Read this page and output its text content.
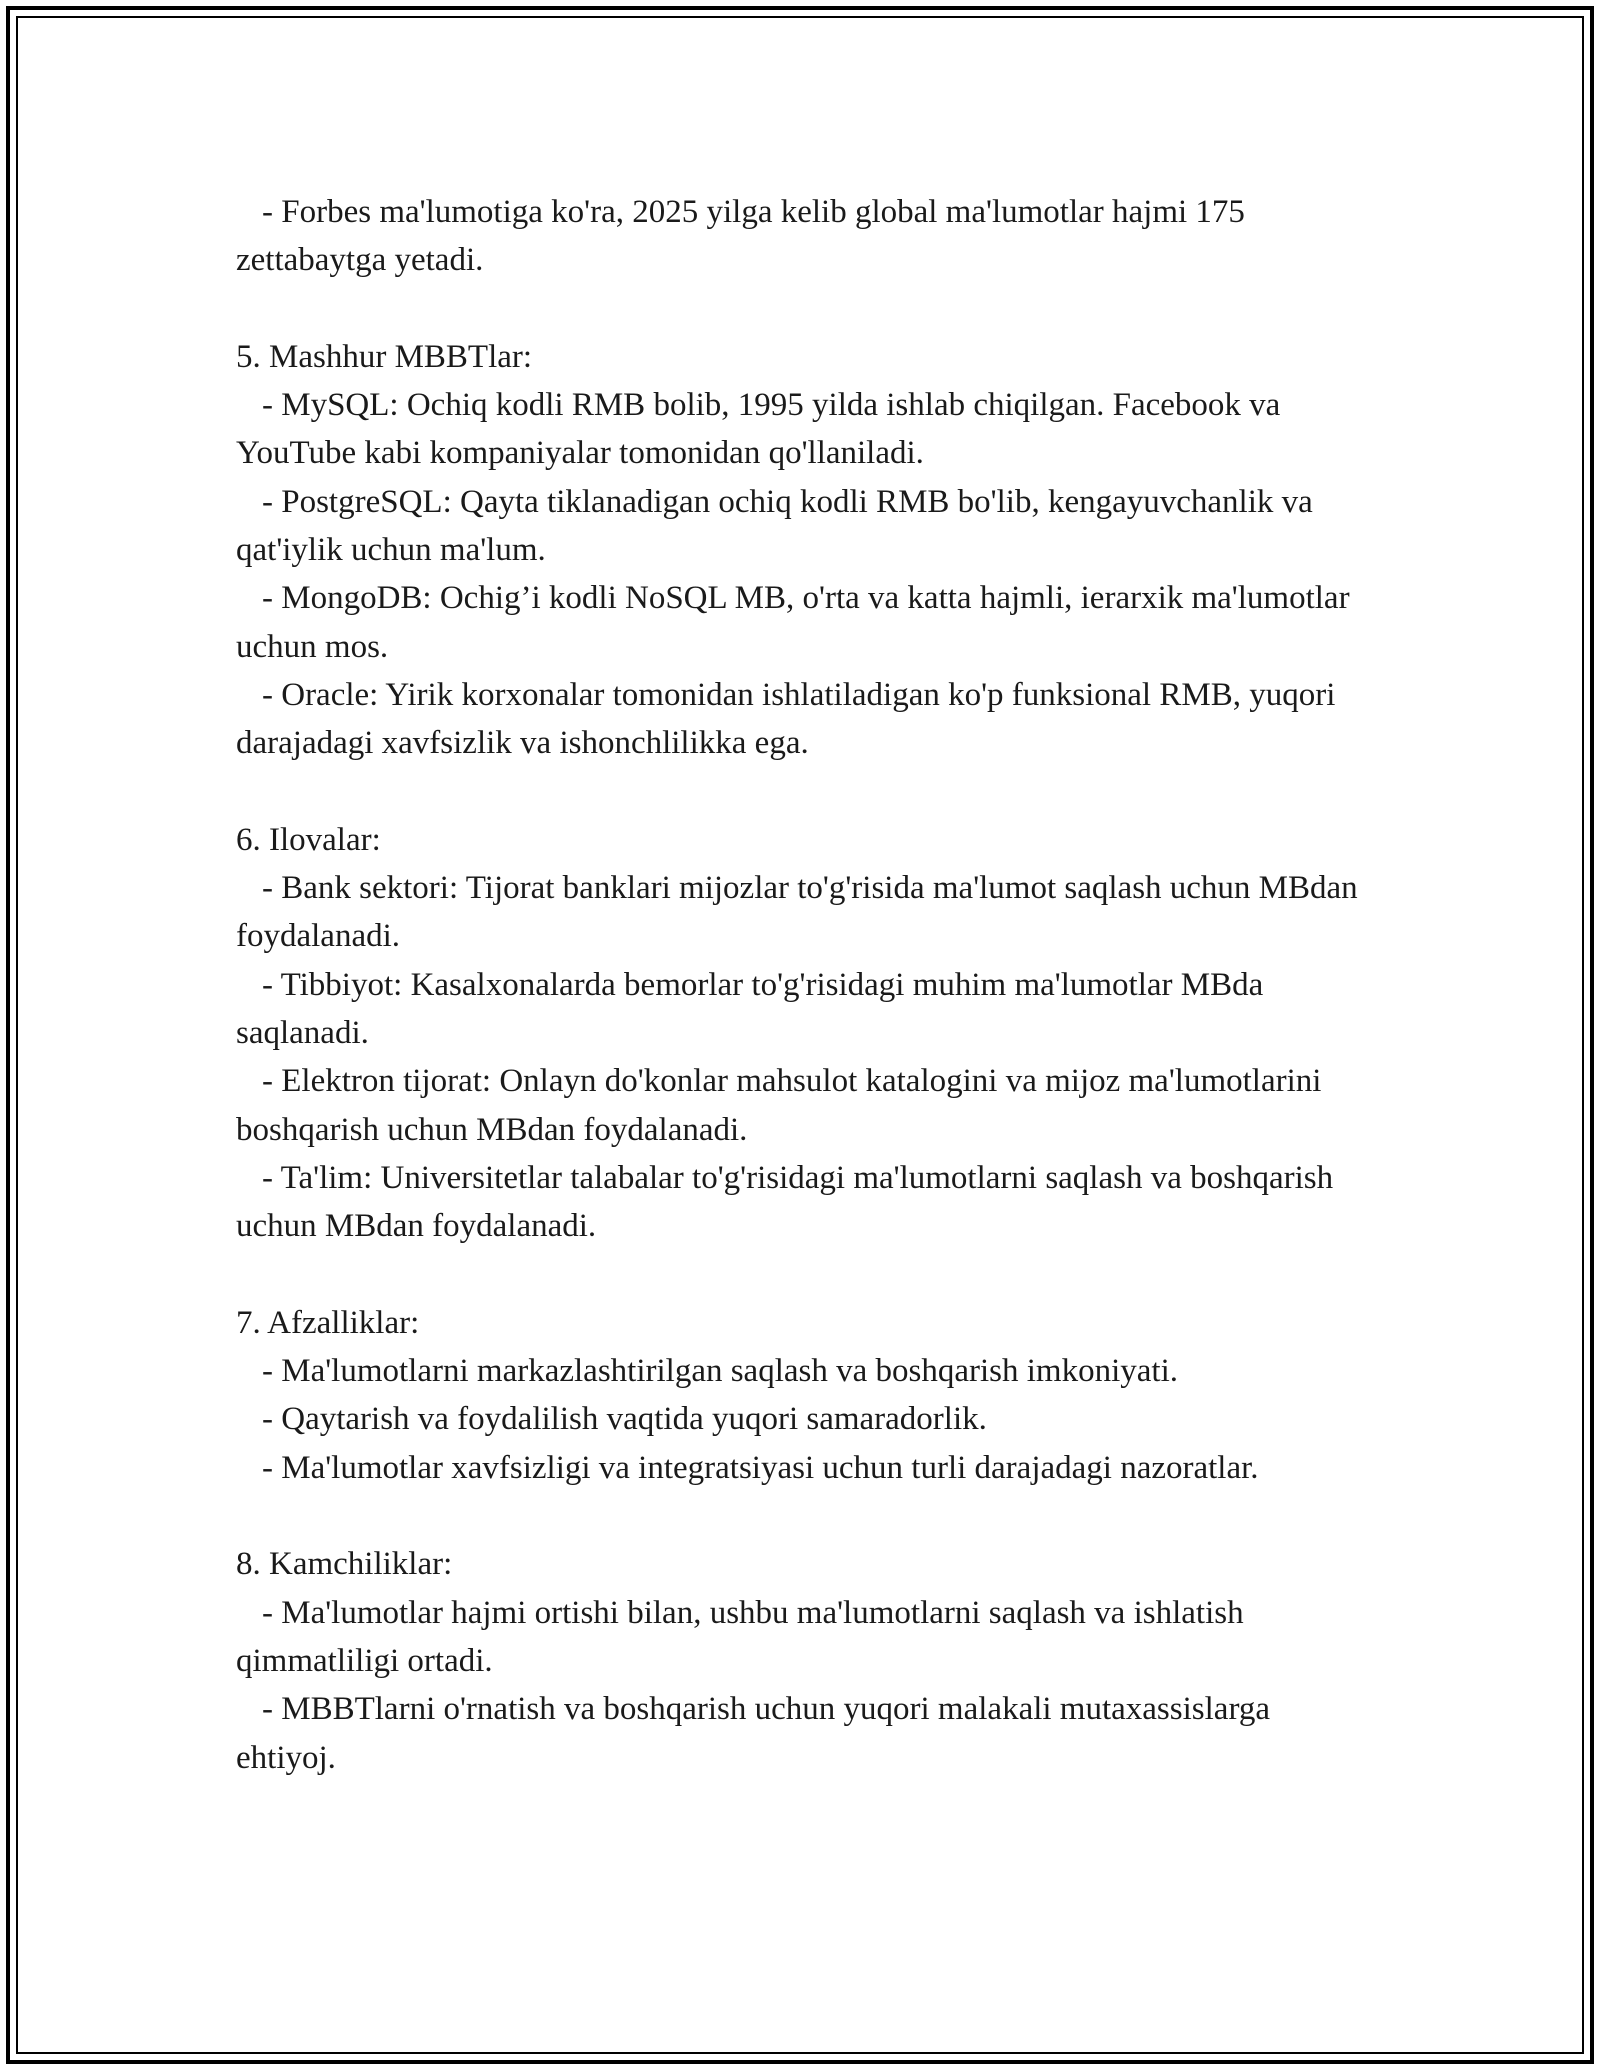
- Forbes ma'lumotiga ko'ra, 2025 yilga kelib global ma'lumotlar hajmi 175 zettabaytga yetadi.

5. Mashhur MBBTlar:

- MySQL: Ochiq kodli RMB bolib, 1995 yilda ishlab chiqilgan. Facebook va YouTube kabi kompaniyalar tomonidan qo'llaniladi.

- PostgreSQL: Qayta tiklanadigan ochiq kodli RMB bo'lib, kengayuvchanlik va qat'iylik uchun ma'lum.

- MongoDB: Ochig’i kodli NoSQL MB, o'rta va katta hajmli, ierarxik ma'lumotlar uchun mos.

- Oracle: Yirik korxonalar tomonidan ishlatiladigan ko'p funksional RMB, yuqori darajadagi xavfsizlik va ishonchlilikka ega.

6. Ilovalar:

- Bank sektori: Tijorat banklari mijozlar to'g'risida ma'lumot saqlash uchun MBdan foydalanadi.

- Tibbiyot: Kasalxonalarda bemorlar to'g'risidagi muhim ma'lumotlar MBda saqlanadi.

- Elektron tijorat: Onlayn do'konlar mahsulot katalogini va mijoz ma'lumotlarini boshqarish uchun MBdan foydalanadi.

- Ta'lim: Universitetlar talabalar to'g'risidagi ma'lumotlarni saqlash va boshqarish uchun MBdan foydalanadi.

7. Afzalliklar:

- Ma'lumotlarni markazlashtirilgan saqlash va boshqarish imkoniyati.

- Qaytarish va foydalilish vaqtida yuqori samaradorlik.

- Ma'lumotlar xavfsizligi va integratsiyasi uchun turli darajadagi nazoratlar.

8. Kamchiliklar:

- Ma'lumotlar hajmi ortishi bilan, ushbu ma'lumotlarni saqlash va ishlatish qimmatliligi ortadi.

- MBBTlarni o'rnatish va boshqarish uchun yuqori malakali mutaxassislarga ehtiyoj.
